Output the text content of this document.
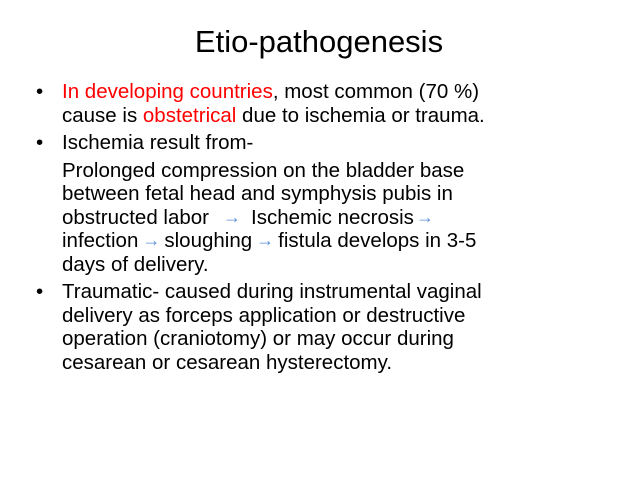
Etio-pathogenesis
• In developing countries, most common (70 %)
cause is obstetrical due to ischemia or trauma.
• Ischemia result from-
Prolonged compression on the bladder base
between fetal head and symphysis pubis in
obstructed labor → Ischemic necrosis →
infection → sloughing → fistula develops in 3-5
days of delivery.
• Traumatic- caused during instrumental vaginal
delivery as forceps application or destructive
operation (craniotomy) or may occur during
cesarean or cesarean hysterectomy.
